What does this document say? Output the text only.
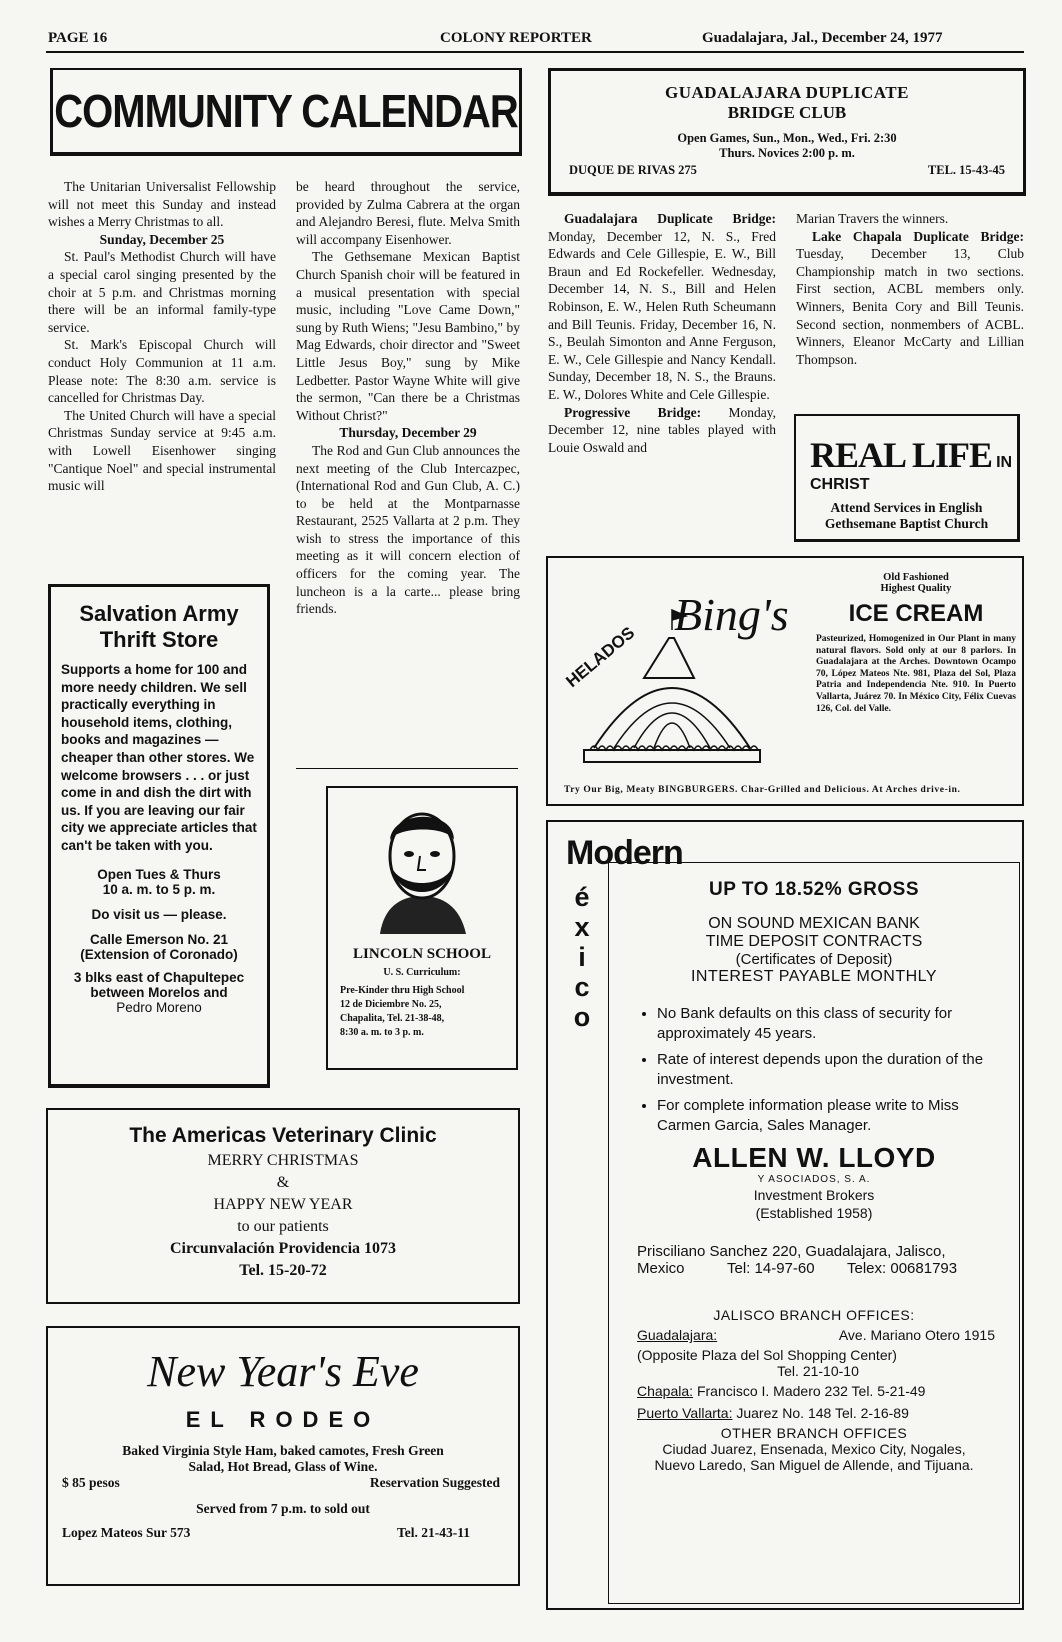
PAGE 16	COLONY REPORTER	Guadalajara, Jal., December 24, 1977
COMMUNITY CALENDAR

The Unitarian Universalist Fellowship will not meet this Sunday and instead wishes a Merry Christmas to all.

Sunday, December 25

St. Paul's Methodist Church will have a special carol singing presented by the choir at 5 p.m. and Christmas morning there will be an informal family-type service.

St. Mark's Episcopal Church will conduct Holy Communion at 11 a.m. Please note: The 8:30 a.m. service is cancelled for Christmas Day.

The United Church will have a special Christmas Sunday service at 9:45 a.m. with Lowell Eisenhower singing "Cantique Noel" and special instrumental music will

be heard throughout the service, provided by Zulma Cabrera at the organ and Alejandro Beresi, flute. Melva Smith will accompany Eisenhower.

The Gethsemane Mexican Baptist Church Spanish choir will be featured in a musical presentation with special music, including "Love Came Down," sung by Ruth Wiens; "Jesu Bambino," by Mag Edwards, choir director and "Sweet Little Jesus Boy," sung by Mike Ledbetter. Pastor Wayne White will give the sermon, "Can there be a Christmas Without Christ?"

Thursday, December 29

The Rod and Gun Club announces the next meeting of the Club Intercazpec, (International Rod and Gun Club, A. C.) to be held at the Montparnasse Restaurant, 2525 Vallarta at 2 p.m. They wish to stress the importance of this meeting as it will concern election of officers for the coming year. The luncheon is a la carte... please bring friends.

GUADALAJARA DUPLICATE
BRIDGE CLUB
Open Games, Sun., Mon., Wed., Fri. 2:30
Thurs. Novices 2:00 p. m.
DUQUE DE RIVAS 275	TEL. 15-43-45

Guadalajara Duplicate Bridge: Monday, December 12, N. S., Fred Edwards and Cele Gillespie, E. W., Bill Braun and Ed Rockefeller. Wednesday, December 14, N. S., Bill and Helen Robinson, E. W., Helen Ruth Scheumann and Bill Teunis. Friday, December 16, N. S., Beulah Simonton and Anne Ferguson, E. W., Cele Gillespie and Nancy Kendall. Sunday, December 18, N. S., the Brauns. E. W., Dolores White and Cele Gillespie.

Progressive Bridge: Monday, December 12, nine tables played with Louie Oswald and

Marian Travers the winners.

Lake Chapala Duplicate Bridge: Tuesday, December 13, Club Championship match in two sections. First section, ACBL members only. Winners, Benita Cory and Bill Teunis. Second section, nonmembers of ACBL. Winners, Eleanor McCarty and Lillian Thompson.

REAL LIFE IN CHRIST
Attend Services in English
Gethsemane Baptist Church
Salvation Army
Thrift Store
Supports a home for 100 and more needy children. We sell practically everything in household items, clothing, books and magazines — cheaper than other stores. We welcome browsers . . . or just come in and dish the dirt with us. If you are leaving our fair city we appreciate articles that can't be taken with you.
Open Tues & Thurs
10 a. m. to 5 p. m.
Do visit us — please.
Calle Emerson No. 21
(Extension of Coronado)
3 blks east of Chapultepec
between Morelos and
Pedro Moreno
LINCOLN SCHOOL
U. S. Curriculum:
Pre-Kinder thru High School
12 de Diciembre No. 25,
Chapalita, Tel. 21-38-48,
8:30 a. m. to 3 p. m.
HELADOS
Bing's
Old Fashioned
Highest Quality
ICE CREAM
Pasteurized, Homogenized in Our Plant in many natural flavors. Sold only at our 8 parlors. In Guadalajara at the Arches. Downtown Ocampo 70, López Mateos Nte. 981, Plaza del Sol, Plaza Patria and Independencia Nte. 910. In Puerto Vallarta, Juárez 70. In México City, Félix Cuevas 126, Col. del Valle.
Try Our Big, Meaty BINGBURGERS. Char-Grilled and Delicious. At Arches drive-in.
The Americas Veterinary Clinic
MERRY CHRISTMAS
&
HAPPY NEW YEAR
to our patients
Circunvalación Providencia 1073
Tel. 15-20-72
Modern
é
x
i
c
o
UP TO 18.52% GROSS
ON SOUND MEXICAN BANK
TIME DEPOSIT CONTRACTS
(Certificates of Deposit)
INTEREST PAYABLE MONTHLY
• No Bank defaults on this class of security for approximately 45 years.
• Rate of interest depends upon the duration of the investment.
• For complete information please write to Miss Carmen Garcia, Sales Manager.
ALLEN W. LLOYD
Y ASOCIADOS, S. A.
Investment Brokers
(Established 1958)
Prisciliano Sanchez 220, Guadalajara, Jalisco,
Mexico	Tel: 14-97-60 Telex: 00681793
JALISCO BRANCH OFFICES:
Guadalajara:	Ave. Mariano Otero 1915
(Opposite Plaza del Sol Shopping Center)
Tel. 21-10-10
Chapala: Francisco I. Madero 232 Tel. 5-21-49
Puerto Vallarta: Juarez No. 148 Tel. 2-16-89
OTHER BRANCH OFFICES
Ciudad Juarez, Ensenada, Mexico City, Nogales,
Nuevo Laredo, San Miguel de Allende, and Tijuana.
New Year's Eve
EL RODEO
Baked Virginia Style Ham, baked camotes, Fresh Green
Salad, Hot Bread, Glass of Wine.
$ 85 pesos	Reservation Suggested
Served from 7 p.m. to sold out
Lopez Mateos Sur 573	Tel. 21-43-11
